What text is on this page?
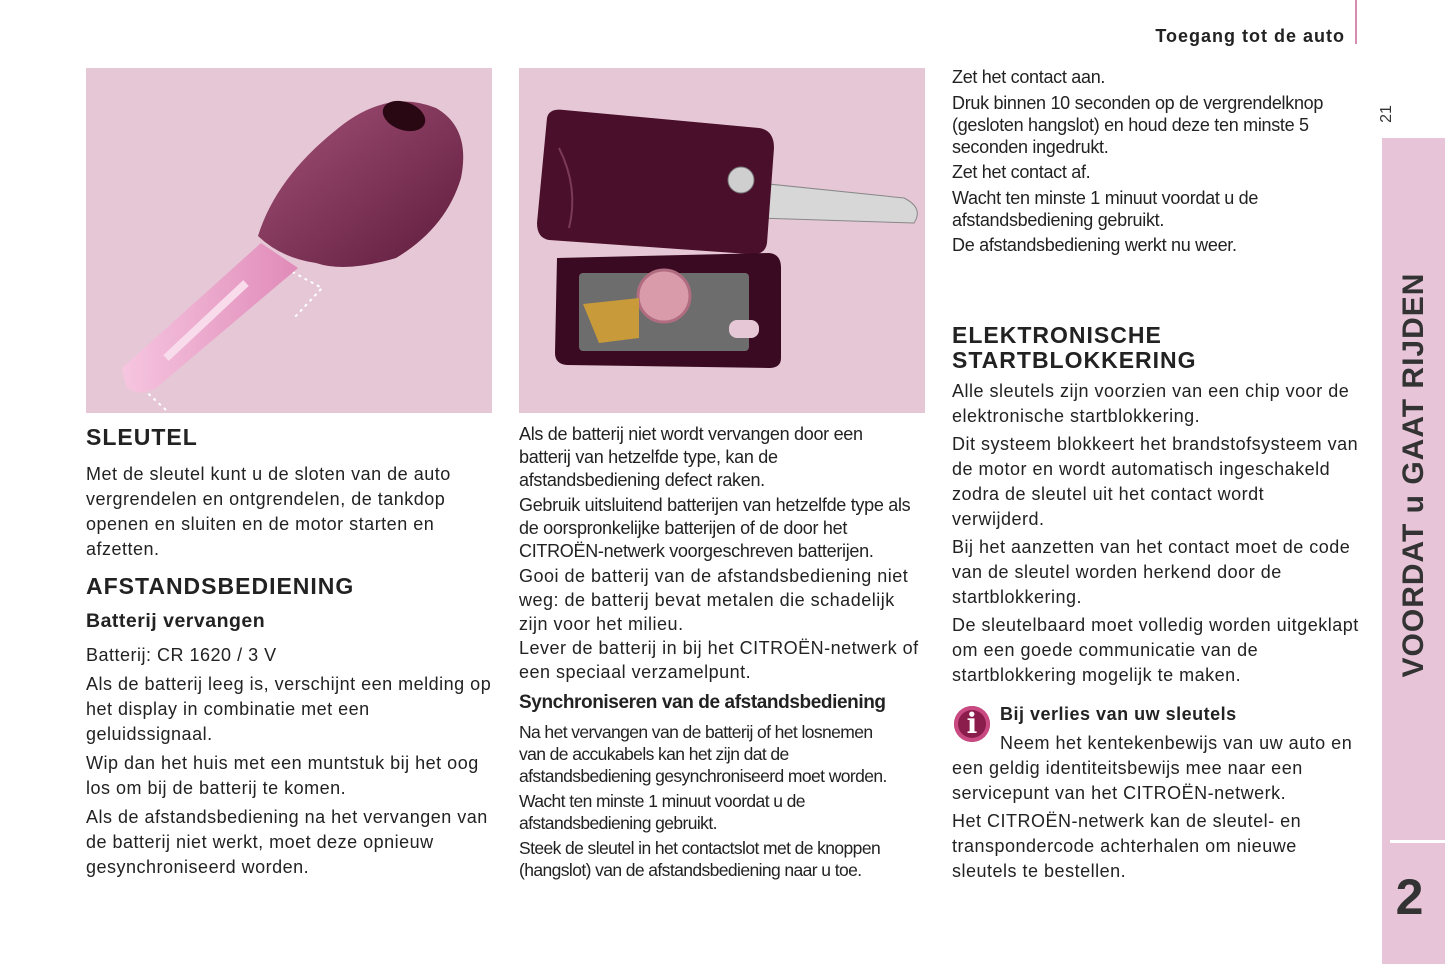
Toegang tot de auto
21
VOORDAT u GAAT RIJDEN
2
SLEUTEL

Met de sleutel kunt u de sloten van de auto vergrendelen en ontgrendelen, de tankdop openen en sluiten en de motor starten en afzetten.

AFSTANDSBEDIENING
Batterij vervangen

Batterij: CR 1620 / 3 V

Als de batterij leeg is, verschijnt een melding op het display in combinatie met een geluidssignaal.

Wip dan het huis met een muntstuk bij het oog los om bij de batterij te komen.

Als de afstandsbediening na het vervangen van de batterij niet werkt, moet deze opnieuw gesynchroniseerd worden.

Als de batterij niet wordt vervangen door een batterij van hetzelfde type, kan de afstandsbediening defect raken.

Gebruik uitsluitend batterijen van hetzelfde type als de oorspronkelijke batterijen of de door het CITROËN-netwerk voorgeschreven batterijen.

Gooi de batterij van de afstandsbediening niet weg: de batterij bevat metalen die schadelijk zijn voor het milieu.

Lever de batterij in bij het CITROËN-netwerk of een speciaal verzamelpunt.

Synchroniseren van de afstandsbediening

Na het vervangen van de batterij of het losnemen van de accukabels kan het zijn dat de afstandsbediening gesynchroniseerd moet worden.

Wacht ten minste 1 minuut voordat u de afstandsbediening gebruikt.

Steek de sleutel in het contactslot met de knoppen (hangslot) van de afstandsbediening naar u toe.

Zet het contact aan.

Druk binnen 10 seconden op de vergrendelknop (gesloten hangslot) en houd deze ten minste 5 seconden ingedrukt.

Zet het contact af.

Wacht ten minste 1 minuut voordat u de afstandsbediening gebruikt.

De afstandsbediening werkt nu weer.

ELEKTRONISCHE
STARTBLOKKERING

Alle sleutels zijn voorzien van een chip voor de elektronische startblokkering.

Dit systeem blokkeert het brandstofsysteem van de motor en wordt automatisch ingeschakeld zodra de sleutel uit het contact wordt verwijderd.

Bij het aanzetten van het contact moet de code van de sleutel worden herkend door de startblokkering.

De sleutelbaard moet volledig worden uitgeklapt om een goede communicatie van de startblokkering mogelijk te maken.

i	Bij verlies van uw sleutels

Neem het kentekenbewijs van uw auto en een geldig identiteitsbewijs mee naar een servicepunt van het CITROËN-netwerk.

Het CITROËN-netwerk kan de sleutel- en transpondercode achterhalen om nieuwe sleutels te bestellen.
